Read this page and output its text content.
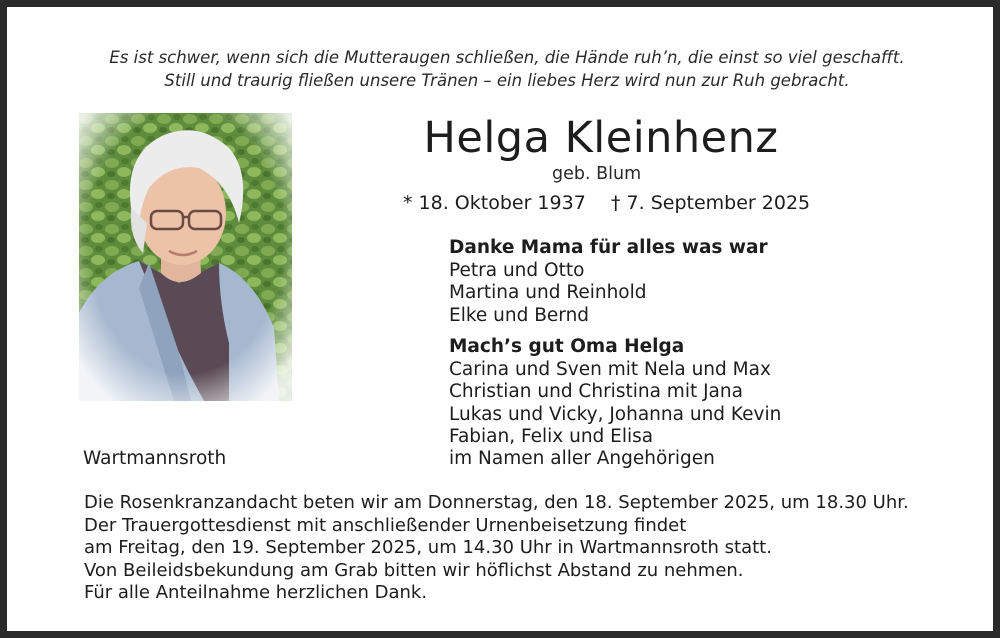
Es ist schwer, wenn sich die Mutteraugen schließen, die Hände ruh’n, die einst so viel geschafft.
Still und traurig fließen unsere Tränen – ein liebes Herz wird nun zur Ruh gebracht.
Helga Kleinhenz
geb. Blum
* 18. Oktober 1937 † 7. September 2025
Danke Mama für alles was war
Petra und Otto
Martina und Reinhold
Elke und Bernd
Mach’s gut Oma Helga
Carina und Sven mit Nela und Max
Christian und Christina mit Jana
Lukas und Vicky, Johanna und Kevin
Fabian, Felix und Elisa
im Namen aller Angehörigen
Wartmannsroth
Die Rosenkranzandacht beten wir am Donnerstag, den 18. September 2025, um 18.30 Uhr.
Der Trauergottesdienst mit anschließender Urnenbeisetzung findet
am Freitag, den 19. September 2025, um 14.30 Uhr in Wartmannsroth statt.
Von Beileidsbekundung am Grab bitten wir höflichst Abstand zu nehmen.
Für alle Anteilnahme herzlichen Dank.
